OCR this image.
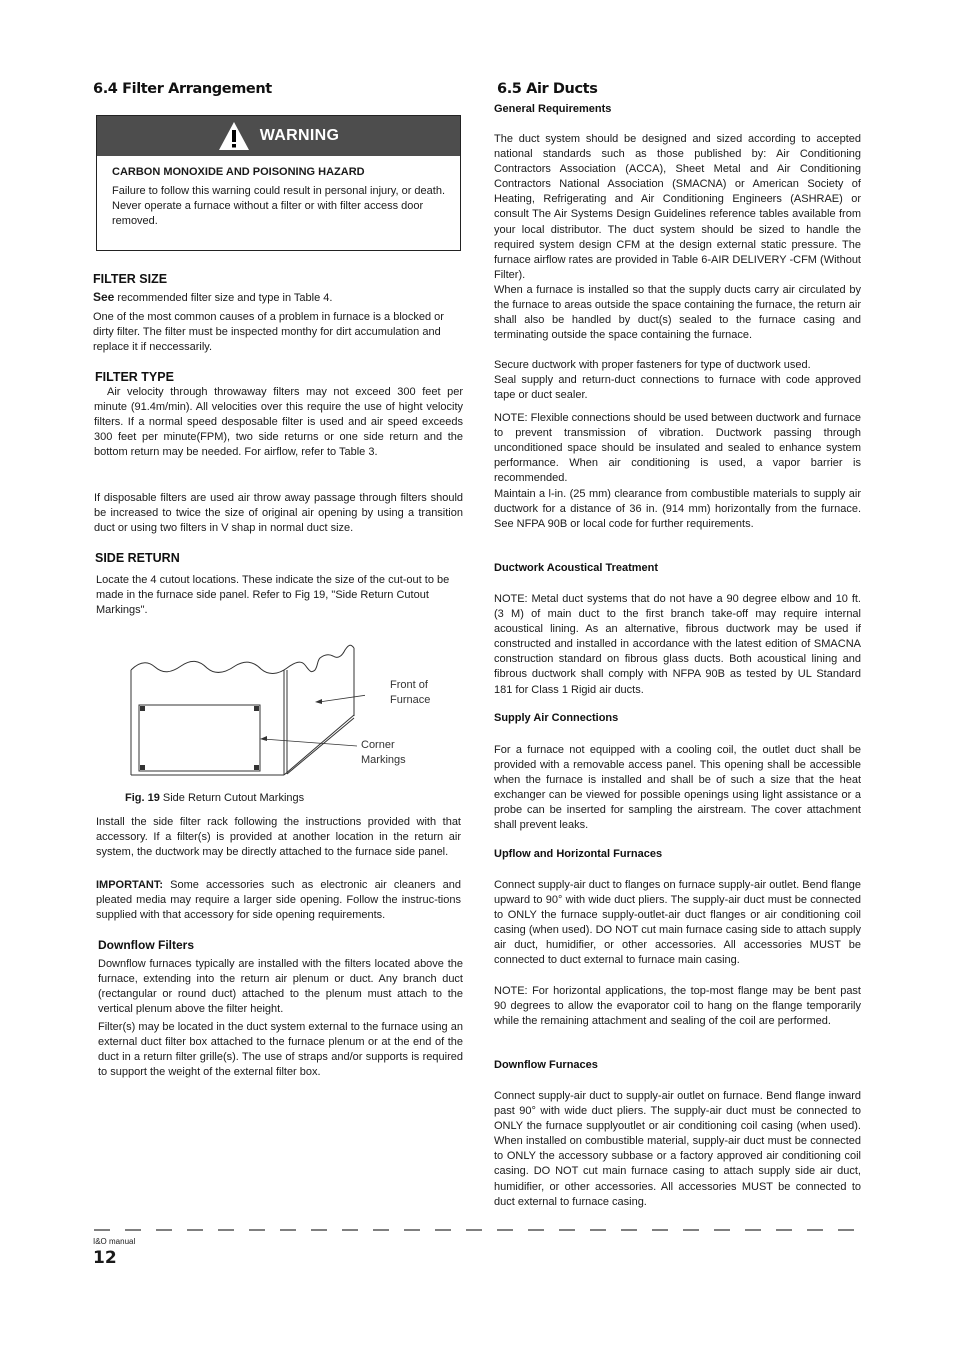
6.4 Filter Arrangement
WARNING

CARBON MONOXIDE AND POISONING HAZARD

Failure to follow this warning could result in personal injury, or death.

Never operate a furnace without a filter or with filter access door removed.

FILTER SIZE

See recommended filter size and type in Table 4.

One of the most common causes of a problem in furnace is a blocked or dirty filter. The filter must be inspected monthy for dirt accumulation and replace it if neccessarily.

FILTER TYPE

Air velocity through throwaway filters may not exceed 300 feet per minute (91.4m/min). All velocities over this require the use of hight velocity filters. If a normal speed desposable filter is used and air speed exceeds 300 feet per minute(FPM), two side returns or one side return and the bottom return may be needed. For airflow, refer to Table 3.

If disposable filters are used air throw away passage through filters should be increased to twice the size of original air opening by using a transition duct or using two filters in V shap in normal duct size.

SIDE RETURN

Locate the 4 cutout locations. These indicate the size of the cut-out to be made in the furnace side panel. Refer to Fig 19, "Side Return Cutout Markings".

Front of
Furnace

Corner
Markings

Fig. 19 Side Return Cutout Markings

Install the side filter rack following the instructions provided with that accessory. If a filter(s) is provided at another location in the return air system, the ductwork may be directly attached to the furnace side panel.

IMPORTANT: Some accessories such as electronic air cleaners and pleated media may require a larger side opening. Follow the instruc-tions supplied with that accessory for side opening requirements.

Downflow Filters

Downflow furnaces typically are installed with the filters located above the furnace, extending into the return air plenum or duct. Any branch duct (rectangular or round duct) attached to the plenum must attach to the vertical plenum above the filter height.

Filter(s) may be located in the duct system external to the furnace using an external duct filter box attached to the furnace plenum or at the end of the duct in a return filter grille(s). The use of straps and/or supports is required to support the weight of the external filter box.

6.5 Air Ducts
General Requirements

The duct system should be designed and sized according to accepted national standards such as those published by: Air Conditioning Contractors Association (ACCA), Sheet Metal and Air Conditioning Contractors National Association (SMACNA) or American Society of Heating, Refrigerating and Air Conditioning Engineers (ASHRAE) or consult The Air Systems Design Guidelines reference tables available from your local distributor. The duct system should be sized to handle the required system design CFM at the design external static pressure. The furnace airflow rates are provided in Table 6-AIR DELIVERY -CFM (Without Filter).

When a furnace is installed so that the supply ducts carry air circulated by the furnace to areas outside the space containing the furnace, the return air shall also be handled by duct(s) sealed to the furnace casing and terminating outside the space containing the furnace.

Secure ductwork with proper fasteners for type of ductwork used.

Seal supply and return-duct connections to furnace with code approved tape or duct sealer.

NOTE: Flexible connections should be used between ductwork and furnace to prevent transmission of vibration. Ductwork passing through unconditioned space should be insulated and sealed to enhance system performance. When air conditioning is used, a vapor barrier is recommended.

Maintain a l-in. (25 mm) clearance from combustible materials to supply air ductwork for a distance of 36 in. (914 mm) horizontally from the furnace. See NFPA 90B or local code for further requirements.

Ductwork Acoustical Treatment

NOTE: Metal duct systems that do not have a 90 degree elbow and 10 ft. (3 M) of main duct to the first branch take-off may require internal acoustical lining. As an alternative, fibrous ductwork may be used if constructed and installed in accordance with the latest edition of SMACNA construction standard on fibrous glass ducts. Both acoustical lining and fibrous ductwork shall comply with NFPA 90B as tested by UL Standard 181 for Class 1 Rigid air ducts.

Supply Air Connections

For a furnace not equipped with a cooling coil, the outlet duct shall be provided with a removable access panel. This opening shall be accessible when the furnace is installed and shall be of such a size that the heat exchanger can be viewed for possible openings using light assistance or a probe can be inserted for sampling the airstream. The cover attachment shall prevent leaks.

Upflow and Horizontal Furnaces

Connect supply-air duct to flanges on furnace supply-air outlet. Bend flange upward to 90° with wide duct pliers. The supply-air duct must be connected to ONLY the furnace supply-outlet-air duct flanges or air conditioning coil casing (when used). DO NOT cut main furnace casing side to attach supply air duct, humidifier, or other accessories. All accessories MUST be connected to duct external to furnace main casing.

NOTE: For horizontal applications, the top-most flange may be bent past 90 degrees to allow the evaporator coil to hang on the flange temporarily while the remaining attachment and sealing of the coil are performed.

Downflow Furnaces

Connect supply-air duct to supply-air outlet on furnace. Bend flange inward past 90° with wide duct pliers. The supply-air duct must be connected to ONLY the furnace supplyoutlet or air conditioning coil casing (when used). When installed on combustible material, supply-air duct must be connected to ONLY the accessory subbase or a factory approved air conditioning coil casing. DO NOT cut main furnace casing to attach supply side air duct, humidifier, or other accessories. All accessories MUST be connected to duct external to furnace casing.

I&O manual
12
